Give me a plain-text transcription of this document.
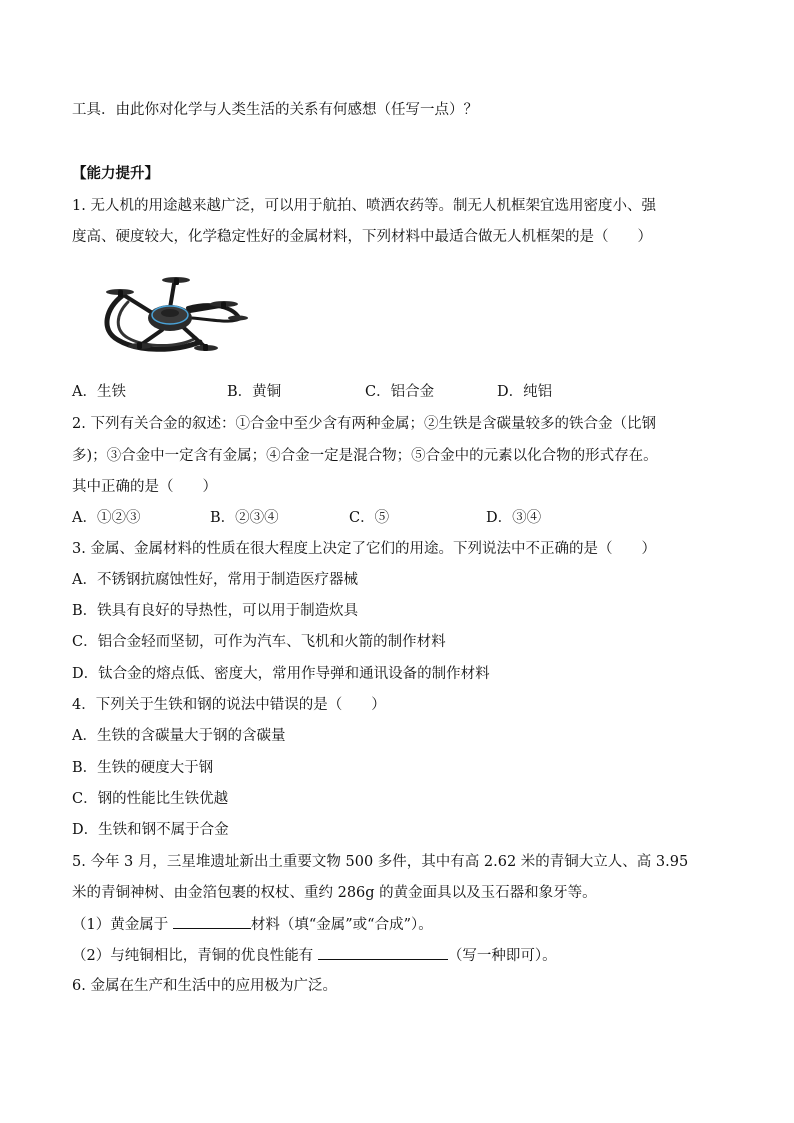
工具．由此你对化学与人类生活的关系有何感想（任写一点）？
【能力提升】
1. 无人机的用途越来越广泛，可以用于航拍、喷洒农药等。制无人机框架宜选用密度小、强
度高、硬度较大，化学稳定性好的金属材料，下列材料中最适合做无人机框架的是（　　）
A．生铁	B．黄铜	C．铝合金	D．纯铝
2. 下列有关合金的叙述：①合金中至少含有两种金属；②生铁是含碳量较多的铁合金（比钢
多)；③合金中一定含有金属；④合金一定是混合物；⑤合金中的元素以化合物的形式存在。
其中正确的是（　　）
A．①②③	B．②③④	C．⑤	D．③④
3. 金属、金属材料的性质在很大程度上决定了它们的用途。下列说法中不正确的是（　　）
A．不锈钢抗腐蚀性好，常用于制造医疗器械
B．铁具有良好的导热性，可以用于制造炊具
C．铝合金轻而坚韧，可作为汽车、飞机和火箭的制作材料
D．钛合金的熔点低、密度大，常用作导弹和通讯设备的制作材料
4．下列关于生铁和钢的说法中错误的是（　　）
A．生铁的含碳量大于钢的含碳量
B．生铁的硬度大于钢
C．钢的性能比生铁优越
D．生铁和钢不属于合金
5. 今年 3 月，三星堆遗址新出土重要文物 500 多件，其中有高 2.62 米的青铜大立人、高 3.95
米的青铜神树、由金箔包裹的权杖、重约 286g 的黄金面具以及玉石器和象牙等。
（1）黄金属于	材料（填“金属”或“合成”）。
（2）与纯铜相比，青铜的优良性能有	（写一种即可）。
6. 金属在生产和生活中的应用极为广泛。
